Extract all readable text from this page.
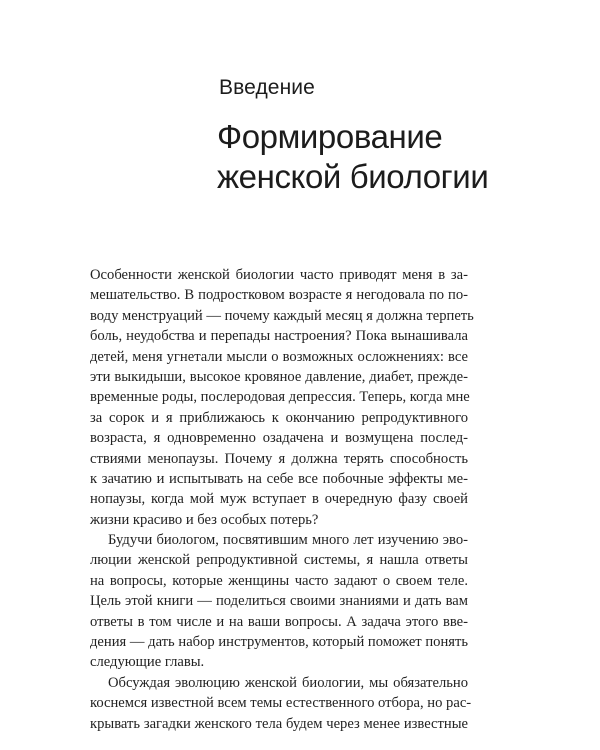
Введение
Формирование
женской биологии

Особенности женской биологии часто приводят меня в за-
мешательство. В подростковом возрасте я негодовала по по-
воду менструаций — почему каждый месяц я должна терпеть
боль, неудобства и перепады настроения? Пока вынашивала
детей, меня угнетали мысли о возможных осложнениях: все
эти выкидыши, высокое кровяное давление, диабет, прежде-
временные роды, послеродовая депрессия. Теперь, когда мне
за сорок и я приближаюсь к окончанию репродуктивного
возраста, я одновременно озадачена и возмущена послед-
ствиями менопаузы. Почему я должна терять способность
к зачатию и испытывать на себе все побочные эффекты ме-
нопаузы, когда мой муж вступает в очередную фазу своей
жизни красиво и без особых потерь?

Будучи биологом, посвятившим много лет изучению эво-
люции женской репродуктивной системы, я нашла ответы
на вопросы, которые женщины часто задают о своем теле.
Цель этой книги — поделиться своими знаниями и дать вам
ответы в том числе и на ваши вопросы. А задача этого вве-
дения — дать набор инструментов, который поможет понять
следующие главы.

Обсуждая эволюцию женской биологии, мы обязательно
коснемся известной всем темы естественного отбора, но рас-
крывать загадки женского тела будем через менее известные
